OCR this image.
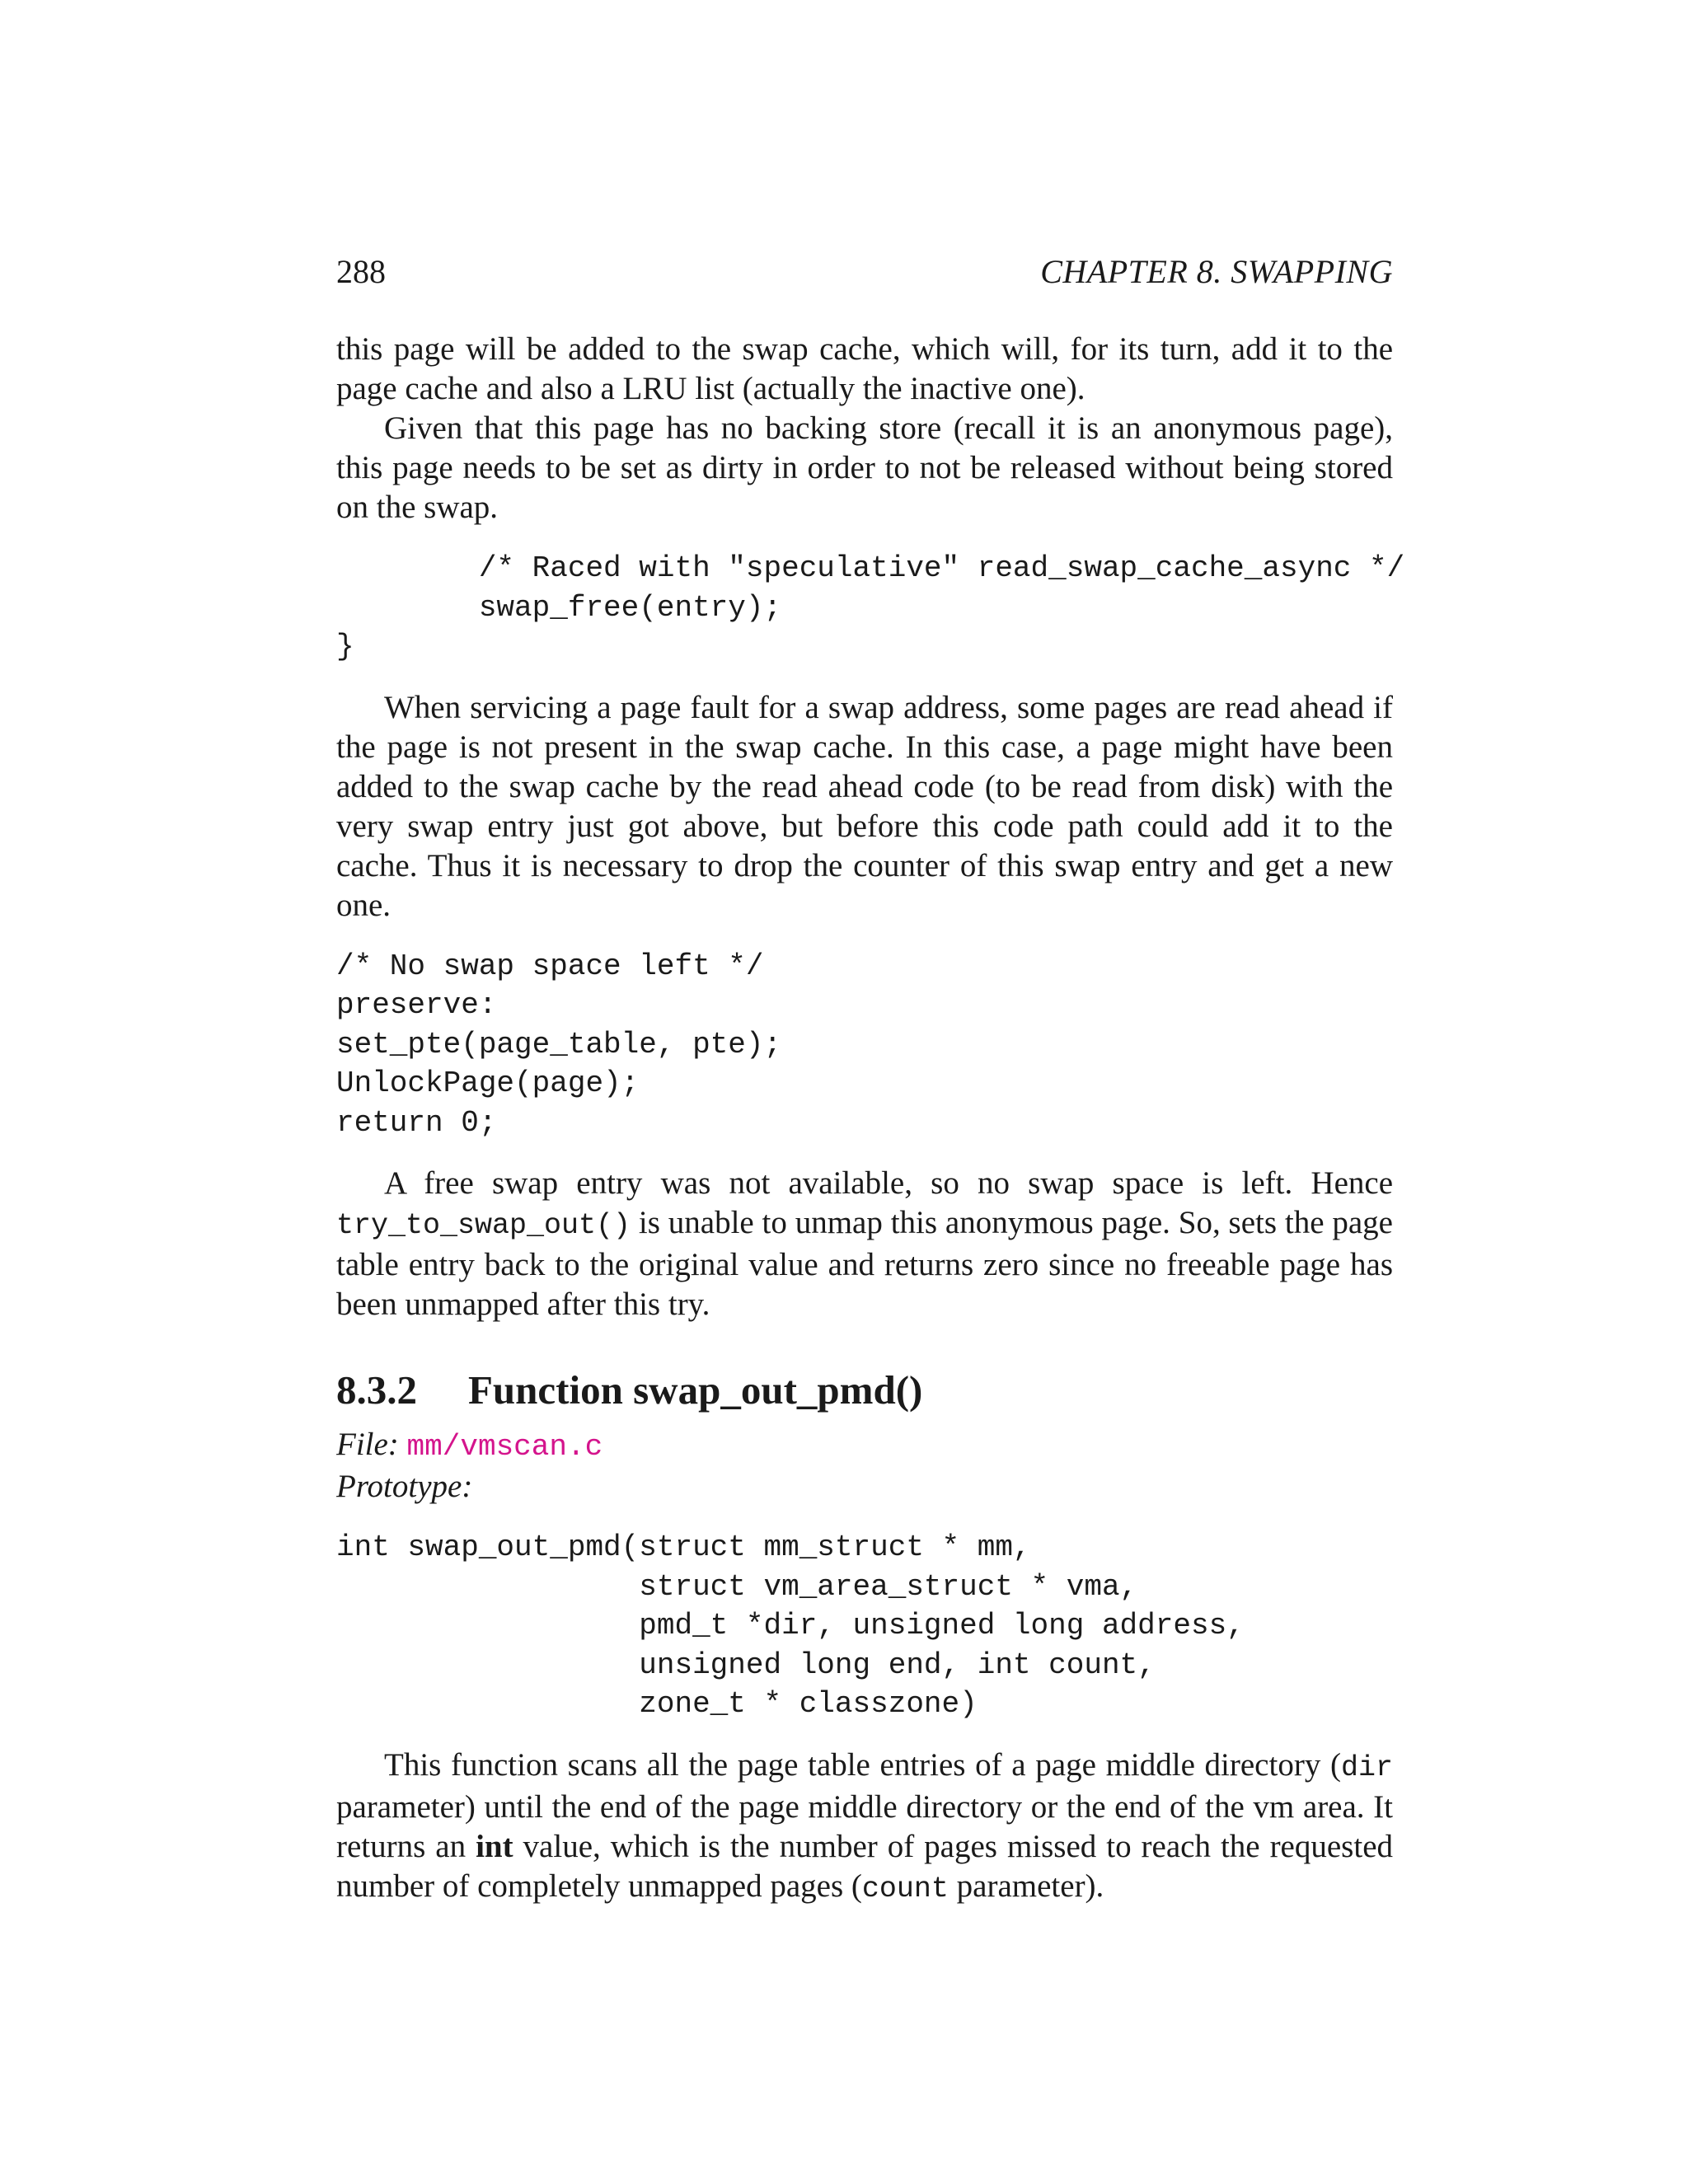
288	CHAPTER 8. SWAPPING

this page will be added to the swap cache, which will, for its turn, add it to the page cache and also a LRU list (actually the inactive one).

Given that this page has no backing store (recall it is an anonymous page), this page needs to be set as dirty in order to not be released without being stored on the swap.

/* Raced with "speculative" read_swap_cache_async */
swap_free(entry);
}

When servicing a page fault for a swap address, some pages are read ahead if the page is not present in the swap cache. In this case, a page might have been added to the swap cache by the read ahead code (to be read from disk) with the very swap entry just got above, but before this code path could add it to the cache. Thus it is necessary to drop the counter of this swap entry and get a new one.

/* No swap space left */
preserve:
set_pte(page_table, pte);
UnlockPage(page);
return 0;

A free swap entry was not available, so no swap space is left. Hence try_to_swap_out() is unable to unmap this anonymous page. So, sets the page table entry back to the original value and returns zero since no freeable page has been unmapped after this try.

8.3.2	Function swap_out_pmd()

File: mm/vmscan.c

Prototype:

int swap_out_pmd(struct mm_struct * mm,
struct vm_area_struct * vma,
pmd_t *dir, unsigned long address,
unsigned long end, int count,
zone_t * classzone)

This function scans all the page table entries of a page middle directory (dir parameter) until the end of the page middle directory or the end of the vm area. It returns an int value, which is the number of pages missed to reach the requested number of completely unmapped pages (count parameter).
